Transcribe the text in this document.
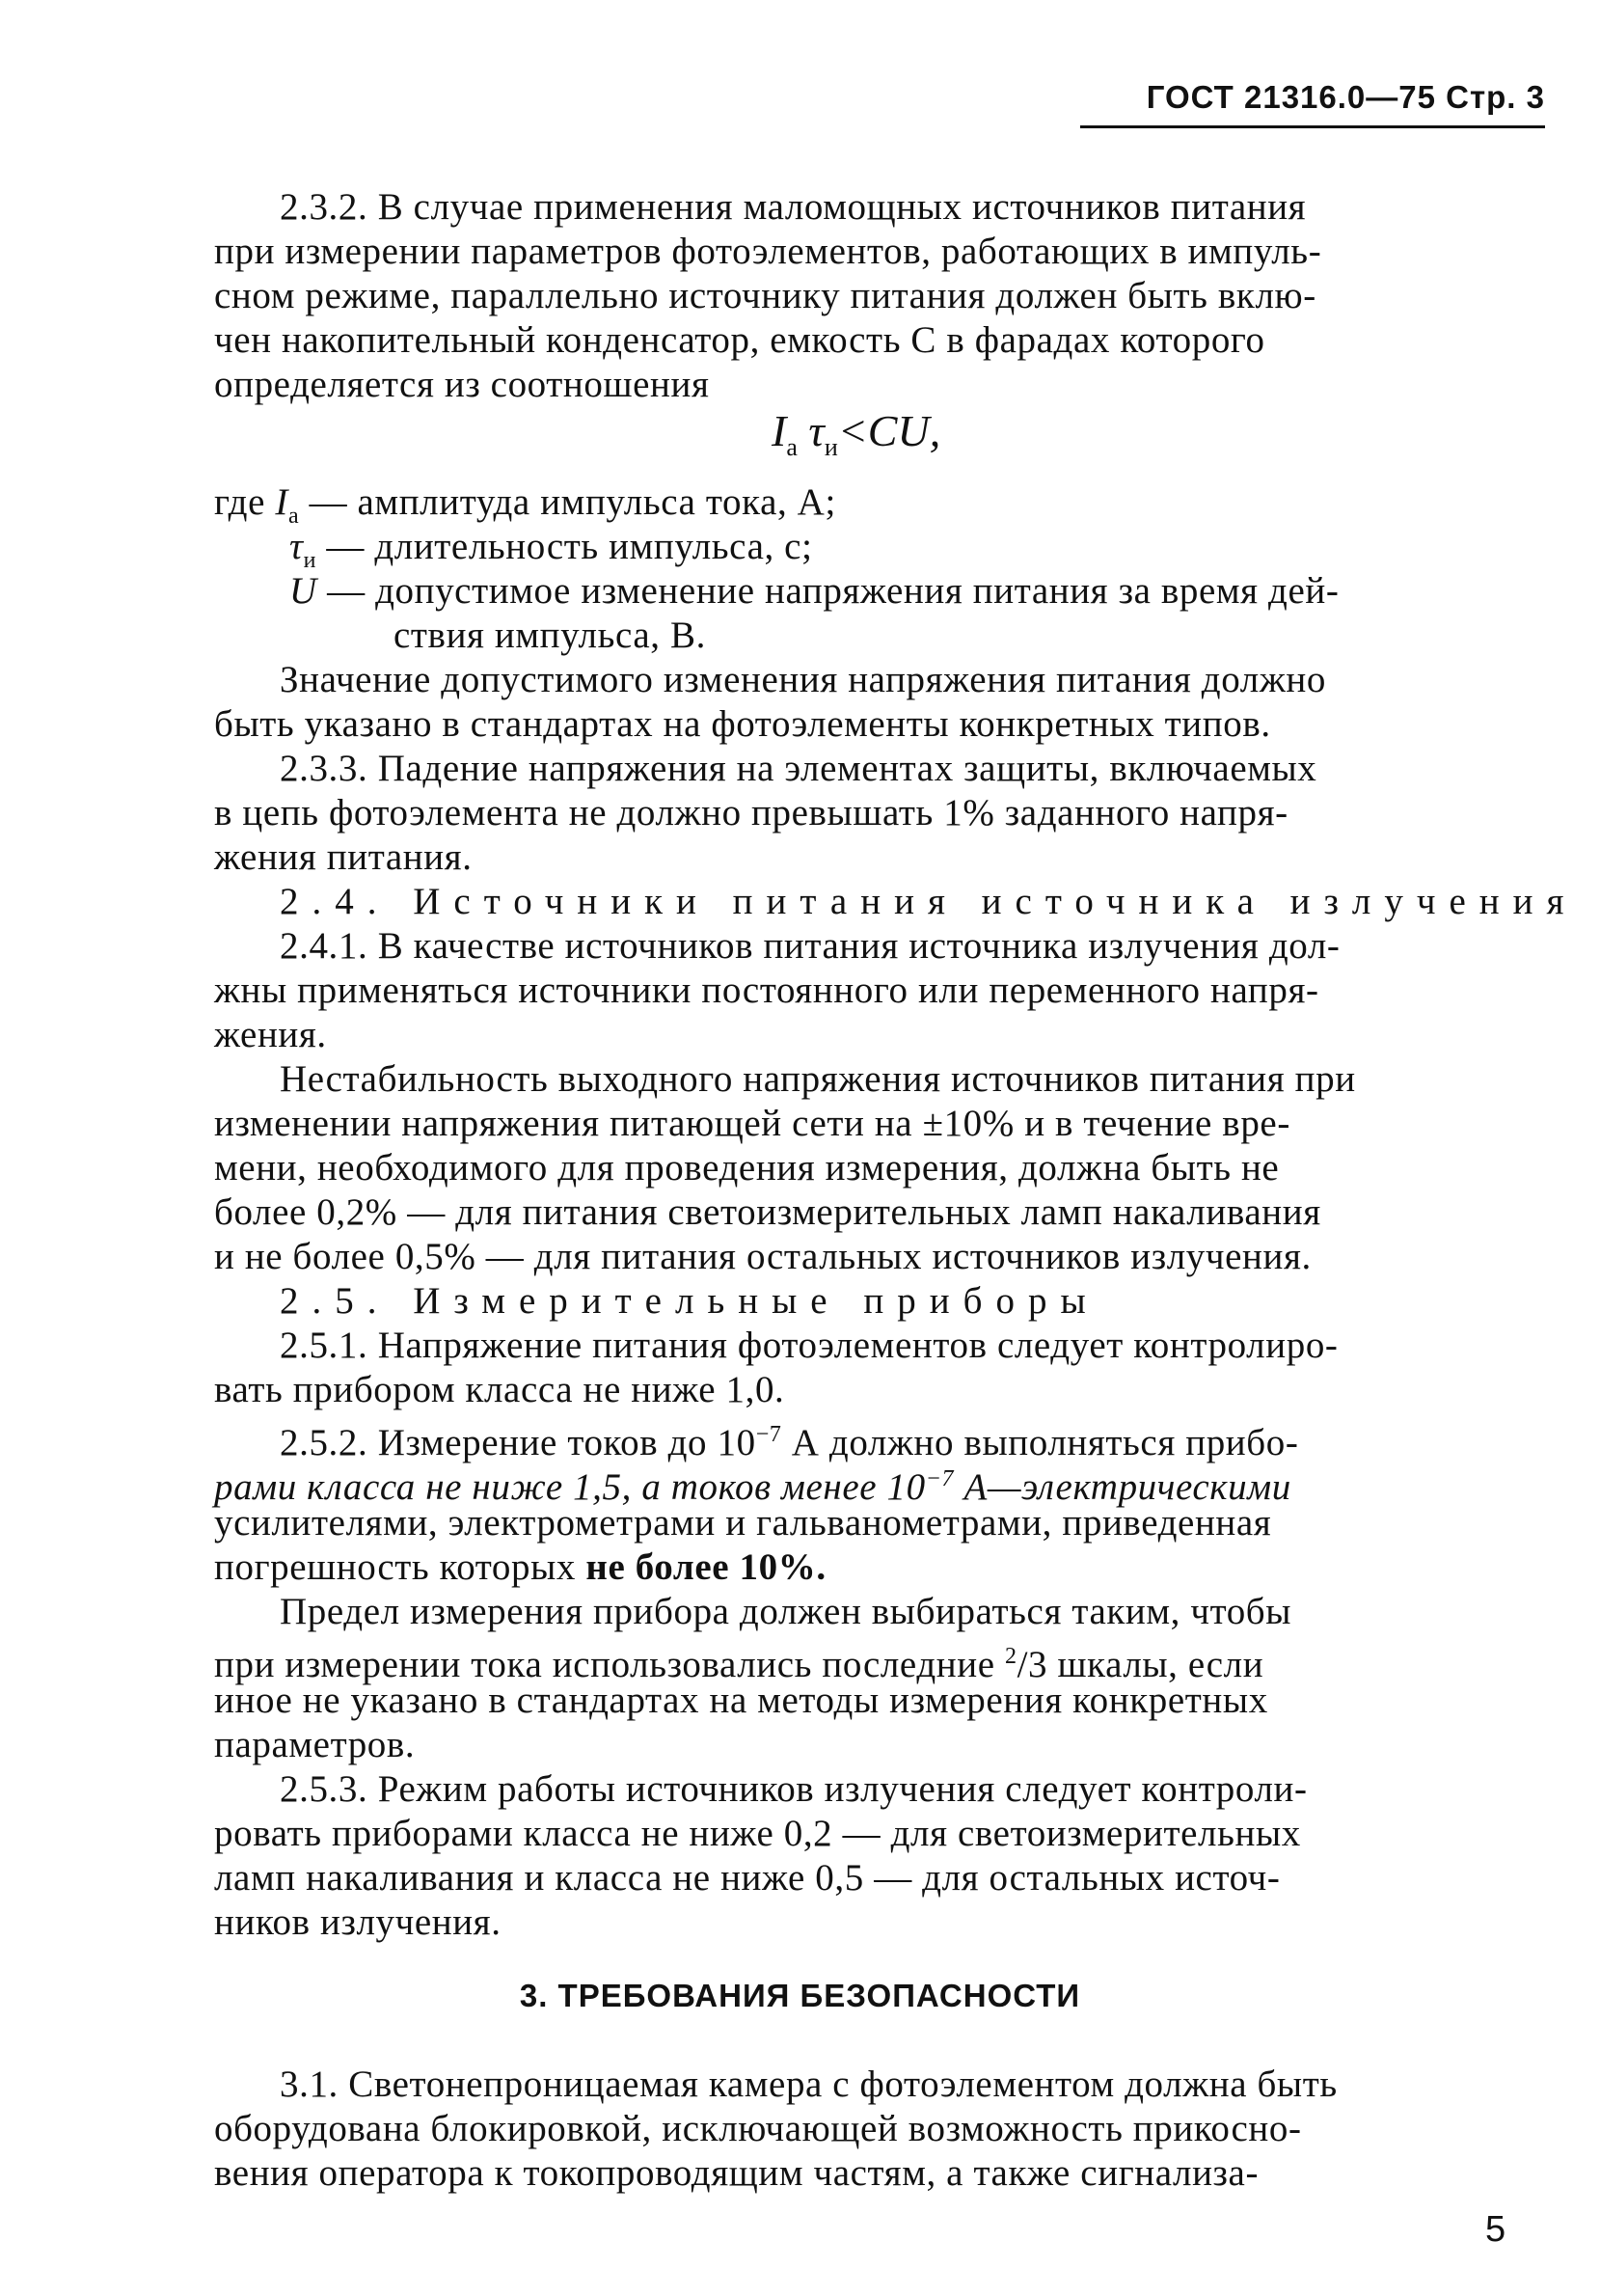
ГОСТ 21316.0—75 Стр. 3
2.3.2. В случае применения маломощных источников питания
при измерении параметров фотоэлементов, работающих в импуль-
сном режиме, параллельно источнику питания должен быть вклю-
чен накопительный конденсатор, емкость С в фарадах которого
определяется из соотношения
$I_а$ $\tau_и<CU$,
где $I_а$ — амплитуда импульса тока, А;
$\tau_и$ — длительность импульса, с;
U — допустимое изменение напряжения питания за время дей-
ствия импульса, В.
Значение допустимого изменения напряжения питания должно
быть указано в стандартах на фотоэлементы конкретных типов.
2.3.3. Падение напряжения на элементах защиты, включаемых
в цепь фотоэлемента не должно превышать 1% заданного напря-
жения питания.
2.4. Источники питания источника излучения
2.4.1. В качестве источников питания источника излучения дол-
жны применяться источники постоянного или переменного напря-
жения.
Нестабильность выходного напряжения источников питания при
изменении напряжения питающей сети на ±10% и в течение вре-
мени, необходимого для проведения измерения, должна быть не
более 0,2% — для питания светоизмерительных ламп накаливания
и не более 0,5% — для питания остальных источников излучения.
2.5. Измерительные приборы
2.5.1. Напряжение питания фотоэлементов следует контролиро-
вать прибором класса не ниже 1,0.
2.5.2. Измерение токов до $10^{-7}$ А должно выполняться прибо-
рами класса не ниже 1,5, а токов менее $10^{-7}$ А—электрическими
усилителями, электрометрами и гальванометрами, приведенная
погрешность которых не более 10%.
Предел измерения прибора должен выбираться таким, чтобы
при измерении тока использовались последние $^2$/3 шкалы, если
иное не указано в стандартах на методы измерения конкретных
параметров.
2.5.3. Режим работы источников излучения следует контроли-
ровать приборами класса не ниже 0,2 — для светоизмерительных
ламп накаливания и класса не ниже 0,5 — для остальных источ-
ников излучения.
3. ТРЕБОВАНИЯ БЕЗОПАСНОСТИ
3.1. Светонепроницаемая камера с фотоэлементом должна быть
оборудована блокировкой, исключающей возможность прикосно-
вения оператора к токопроводящим частям, а также сигнализа-
5
